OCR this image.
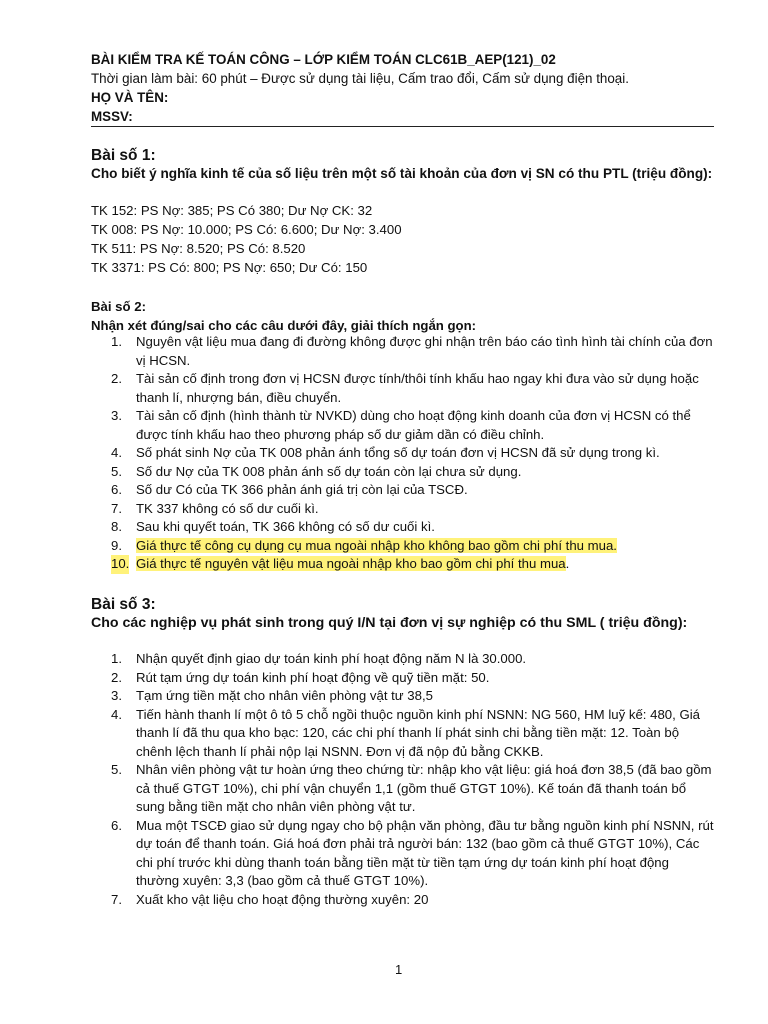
BÀI KIỂM TRA KẾ TOÁN CÔNG – LỚP KIỂM TOÁN CLC61B_AEP(121)_02
Thời gian làm bài: 60 phút – Được sử dụng tài liệu, Cấm trao đổi, Cấm sử dụng điện thoại.
HỌ VÀ TÊN:
MSSV:
Bài số 1:
Cho biết ý nghĩa kinh tế của số liệu trên một số tài khoản của đơn vị SN có thu PTL (triệu đồng):
TK 152: PS Nợ: 385; PS Có 380; Dư Nợ CK: 32
TK 008: PS Nợ: 10.000; PS Có: 6.600; Dư Nợ: 3.400
TK 511: PS Nợ: 8.520; PS Có: 8.520
TK 3371: PS Có: 800; PS Nợ: 650; Dư Có: 150
Bài số 2:
Nhận xét đúng/sai cho các câu dưới đây, giải thích ngắn gọn:
1. Nguyên vật liệu mua đang đi đường không được ghi nhận trên báo cáo tình hình tài chính của đơn vị HCSN.
2. Tài sản cố định trong đơn vị HCSN được tính/thôi tính khấu hao ngay khi đưa vào sử dụng hoặc thanh lí, nhượng bán, điều chuyển.
3. Tài sản cố định (hình thành từ NVKD) dùng cho hoạt động kinh doanh của đơn vị HCSN có thể được tính khấu hao theo phương pháp số dư giảm dần có điều chỉnh.
4. Số phát sinh Nợ của TK 008 phản ánh tổng số dự toán đơn vị HCSN đã sử dụng trong kì.
5. Số dư Nợ của TK 008 phản ánh số dự toán còn lại chưa sử dụng.
6. Số dư Có của TK 366 phản ánh giá trị còn lại của TSCĐ.
7. TK 337 không có số dư cuối kì.
8. Sau khi quyết toán, TK 366 không có số dư cuối kì.
9. Giá thực tế công cụ dụng cụ mua ngoài nhập kho không bao gồm chi phí thu mua.
10. Giá thực tế nguyên vật liệu mua ngoài nhập kho bao gồm chi phí thu mua.
Bài số 3:
Cho các nghiệp vụ phát sinh trong quý I/N tại đơn vị sự nghiệp có thu SML ( triệu đồng):
1. Nhận quyết định giao dự toán kinh phí hoạt động năm N là 30.000.
2. Rút tạm ứng dự toán kinh phí hoạt động về quỹ tiền mặt: 50.
3. Tạm ứng tiền mặt cho nhân viên phòng vật tư 38,5
4. Tiến hành thanh lí một ô tô 5 chỗ ngồi thuộc nguồn kinh phí NSNN: NG 560, HM luỹ kế: 480, Giá thanh lí đã thu qua kho bạc: 120, các chi phí thanh lí phát sinh chi bằng tiền mặt: 12. Toàn bộ chênh lệch thanh lí phải nộp lại NSNN. Đơn vị đã nộp đủ bằng CKKB.
5. Nhân viên phòng vật tư hoàn ứng theo chứng từ: nhập kho vật liệu: giá hoá đơn 38,5 (đã bao gồm cả thuế GTGT 10%), chi phí vận chuyển 1,1 (gồm thuế GTGT 10%). Kế toán đã thanh toán bổ sung bằng tiền mặt cho nhân viên phòng vật tư.
6. Mua một TSCĐ giao sử dụng ngay cho bộ phận văn phòng, đầu tư bằng nguồn kinh phí NSNN, rút dự toán để thanh toán. Giá hoá đơn phải trả người bán: 132 (bao gồm cả thuế GTGT 10%), Các chi phí trước khi dùng thanh toán bằng tiền mặt từ tiền tạm ứng dự toán kinh phí hoạt động thường xuyên: 3,3 (bao gồm cả thuế GTGT 10%).
7. Xuất kho vật liệu cho hoạt động thường xuyên: 20
1
